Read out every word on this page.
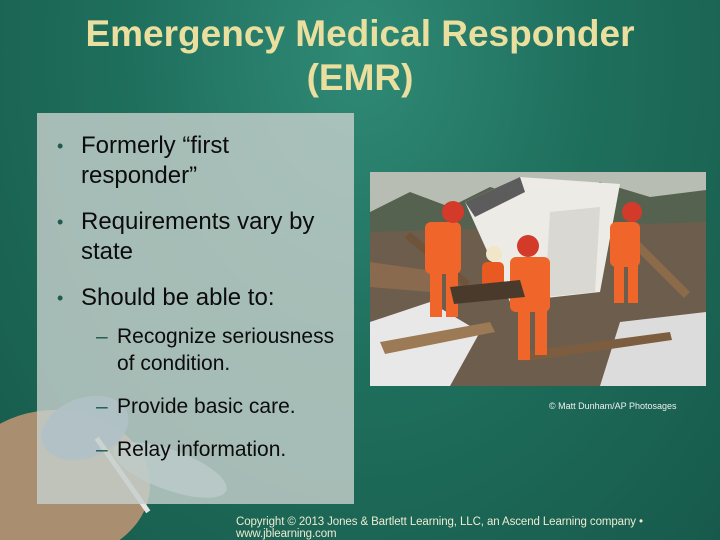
Emergency Medical Responder
(EMR)
• Formerly “first responder”
• Requirements vary by state
• Should be able to:
– Recognize seriousness of condition.
– Provide basic care.
– Relay information.
© Matt Dunham/AP Photosages
Copyright © 2013 Jones & Bartlett Learning, LLC, an Ascend Learning company • www.jblearning.com
